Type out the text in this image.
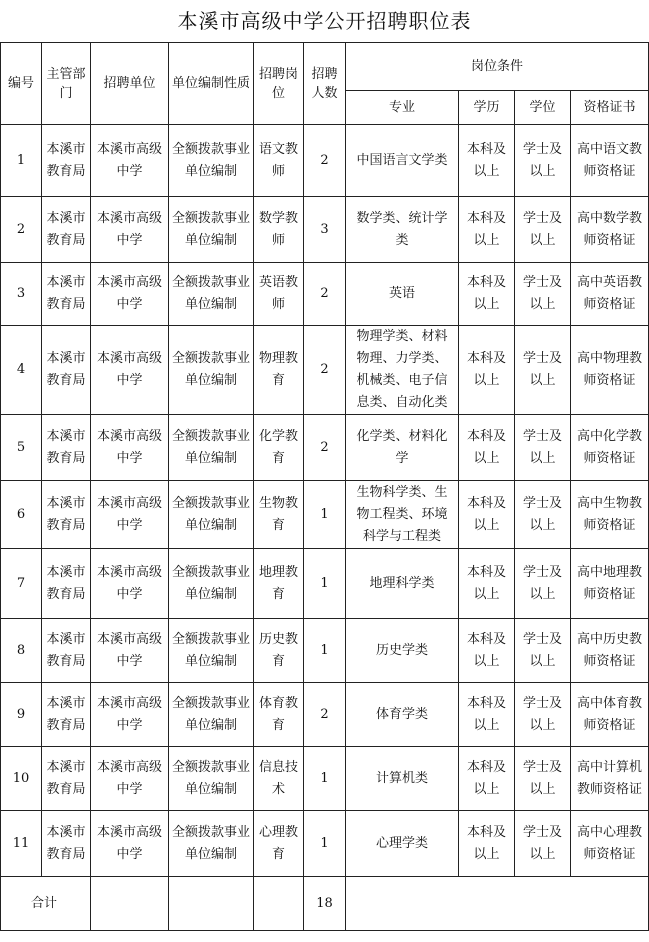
本溪市高级中学公开招聘职位表
编号	主管部门	招聘单位	单位编制性质	招聘岗位	招聘人数	岗位条件			
						专业	学历	学位	资格证书
1	本溪市教育局	本溪市高级中学	全额拨款事业单位编制	语文教师	2	中国语言文学类	本科及以上	学士及以上	高中语文教师资格证
2	本溪市教育局	本溪市高级中学	全额拨款事业单位编制	数学教师	3	数学类、统计学类	本科及以上	学士及以上	高中数学教师资格证
3	本溪市教育局	本溪市高级中学	全额拨款事业单位编制	英语教师	2	英语	本科及以上	学士及以上	高中英语教师资格证
4	本溪市教育局	本溪市高级中学	全额拨款事业单位编制	物理教育	2	物理学类、材料物理、力学类、机械类、电子信息类、自动化类	本科及以上	学士及以上	高中物理教师资格证
5	本溪市教育局	本溪市高级中学	全额拨款事业单位编制	化学教育	2	化学类、材料化学	本科及以上	学士及以上	高中化学教师资格证
6	本溪市教育局	本溪市高级中学	全额拨款事业单位编制	生物教育	1	生物科学类、生物工程类、环境科学与工程类	本科及以上	学士及以上	高中生物教师资格证
7	本溪市教育局	本溪市高级中学	全额拨款事业单位编制	地理教育	1	地理科学类	本科及以上	学士及以上	高中地理教师资格证
8	本溪市教育局	本溪市高级中学	全额拨款事业单位编制	历史教育	1	历史学类	本科及以上	学士及以上	高中历史教师资格证
9	本溪市教育局	本溪市高级中学	全额拨款事业单位编制	体育教育	2	体育学类	本科及以上	学士及以上	高中体育教师资格证
10	本溪市教育局	本溪市高级中学	全额拨款事业单位编制	信息技术	1	计算机类	本科及以上	学士及以上	高中计算机教师资格证
11	本溪市教育局	本溪市高级中学	全额拨款事业单位编制	心理教育	1	心理学类	本科及以上	学士及以上	高中心理教师资格证
合计					18				
